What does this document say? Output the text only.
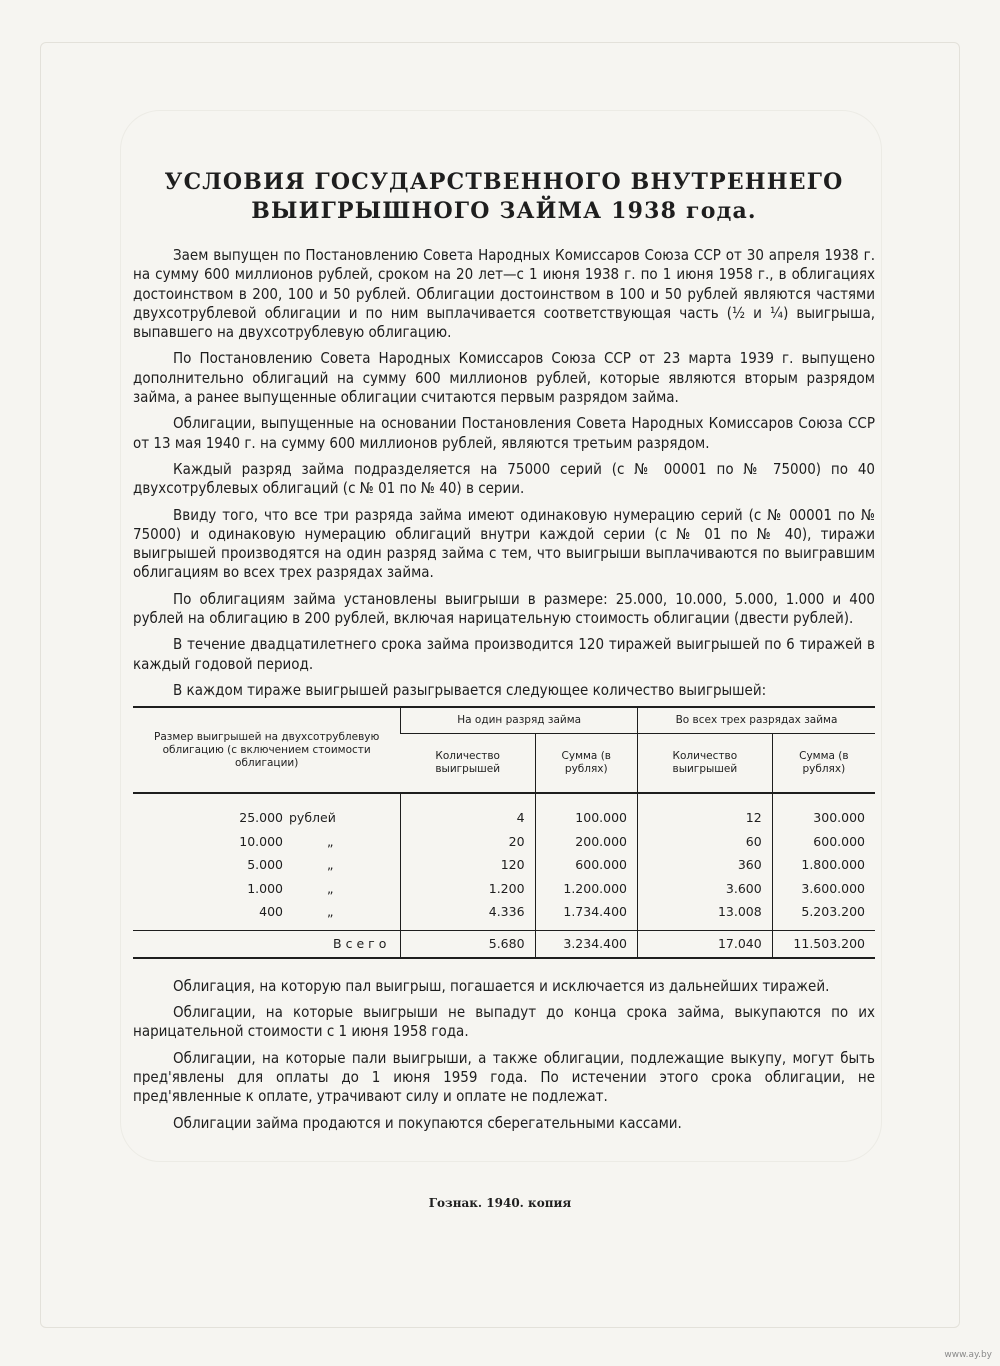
УСЛОВИЯ ГОСУДАРСТВЕННОГО ВНУТРЕННЕГО
ВЫИГРЫШНОГО ЗАЙМА 1938 года.

Заем выпущен по Постановлению Совета Народных Комиссаров Союза ССР от 30 апреля 1938 г. на сумму 600 миллионов рублей, сроком на 20 лет—с 1 июня 1938 г. по 1 июня 1958 г., в облигациях достоинством в 200, 100 и 50 рублей. Облигации достоинством в 100 и 50 рублей являются частями двухсотрублевой облигации и по ним выплачивается соответствующая часть (½ и ¼) выигрыша, выпавшего на двухсотрублевую облигацию.

По Постановлению Совета Народных Комиссаров Союза ССР от 23 марта 1939 г. выпущено дополнительно облигаций на сумму 600 миллионов рублей, которые являются вторым разрядом займа, а ранее выпущенные облигации считаются первым разрядом займа.

Облигации, выпущенные на основании Постановления Совета Народных Комиссаров Союза ССР от 13 мая 1940 г. на сумму 600 миллионов рублей, являются третьим разрядом.

Каждый разряд займа подразделяется на 75000 серий (с № 00001 по № 75000) по 40 двухсотрублевых облигаций (с № 01 по № 40) в серии.

Ввиду того, что все три разряда займа имеют одинаковую нумерацию серий (с № 00001 по № 75000) и одинаковую нумерацию облигаций внутри каждой серии (с № 01 по № 40), тиражи выигрышей производятся на один разряд займа с тем, что выигрыши выплачиваются по выигравшим облигациям во всех трех разрядах займа.

По облигациям займа установлены выигрыши в размере: 25.000, 10.000, 5.000, 1.000 и 400 рублей на облигацию в 200 рублей, включая нарицательную стоимость облигации (двести рублей).

В течение двадцатилетнего срока займа производится 120 тиражей выигрышей по 6 тиражей в каждый годовой период.

В каждом тираже выигрышей разыгрывается следующее количество выигрышей:

Размер выигрышей на двухсотрублевую облигацию (с включением стоимости облигации)	На один разряд займа		Во всех трех разрядах займа	
	Количество выигрышей	Сумма (в рублях)	Количество выигрышей	Сумма (в рублях)
25.000 рублей	4	100.000	12	300.000
10.000 „	20	200.000	60	600.000
5.000 „	120	600.000	360	1.800.000
1.000 „	1.200	1.200.000	3.600	3.600.000
400 „	4.336	1.734.400	13.008	5.203.200
Всего	5.680	3.234.400	17.040	11.503.200

Облигация, на которую пал выигрыш, погашается и исключается из дальнейших тиражей.

Облигации, на которые выигрыши не выпадут до конца срока займа, выкупаются по их нарицательной стоимости с 1 июня 1958 года.

Облигации, на которые пали выигрыши, а также облигации, подлежащие выкупу, могут быть пред'явлены для оплаты до 1 июня 1959 года. По истечении этого срока облигации, не пред'явленные к оплате, утрачивают силу и оплате не подлежат.

Облигации займа продаются и покупаются сберегательными кассами.

Гознак. 1940. копия
www.ay.by
